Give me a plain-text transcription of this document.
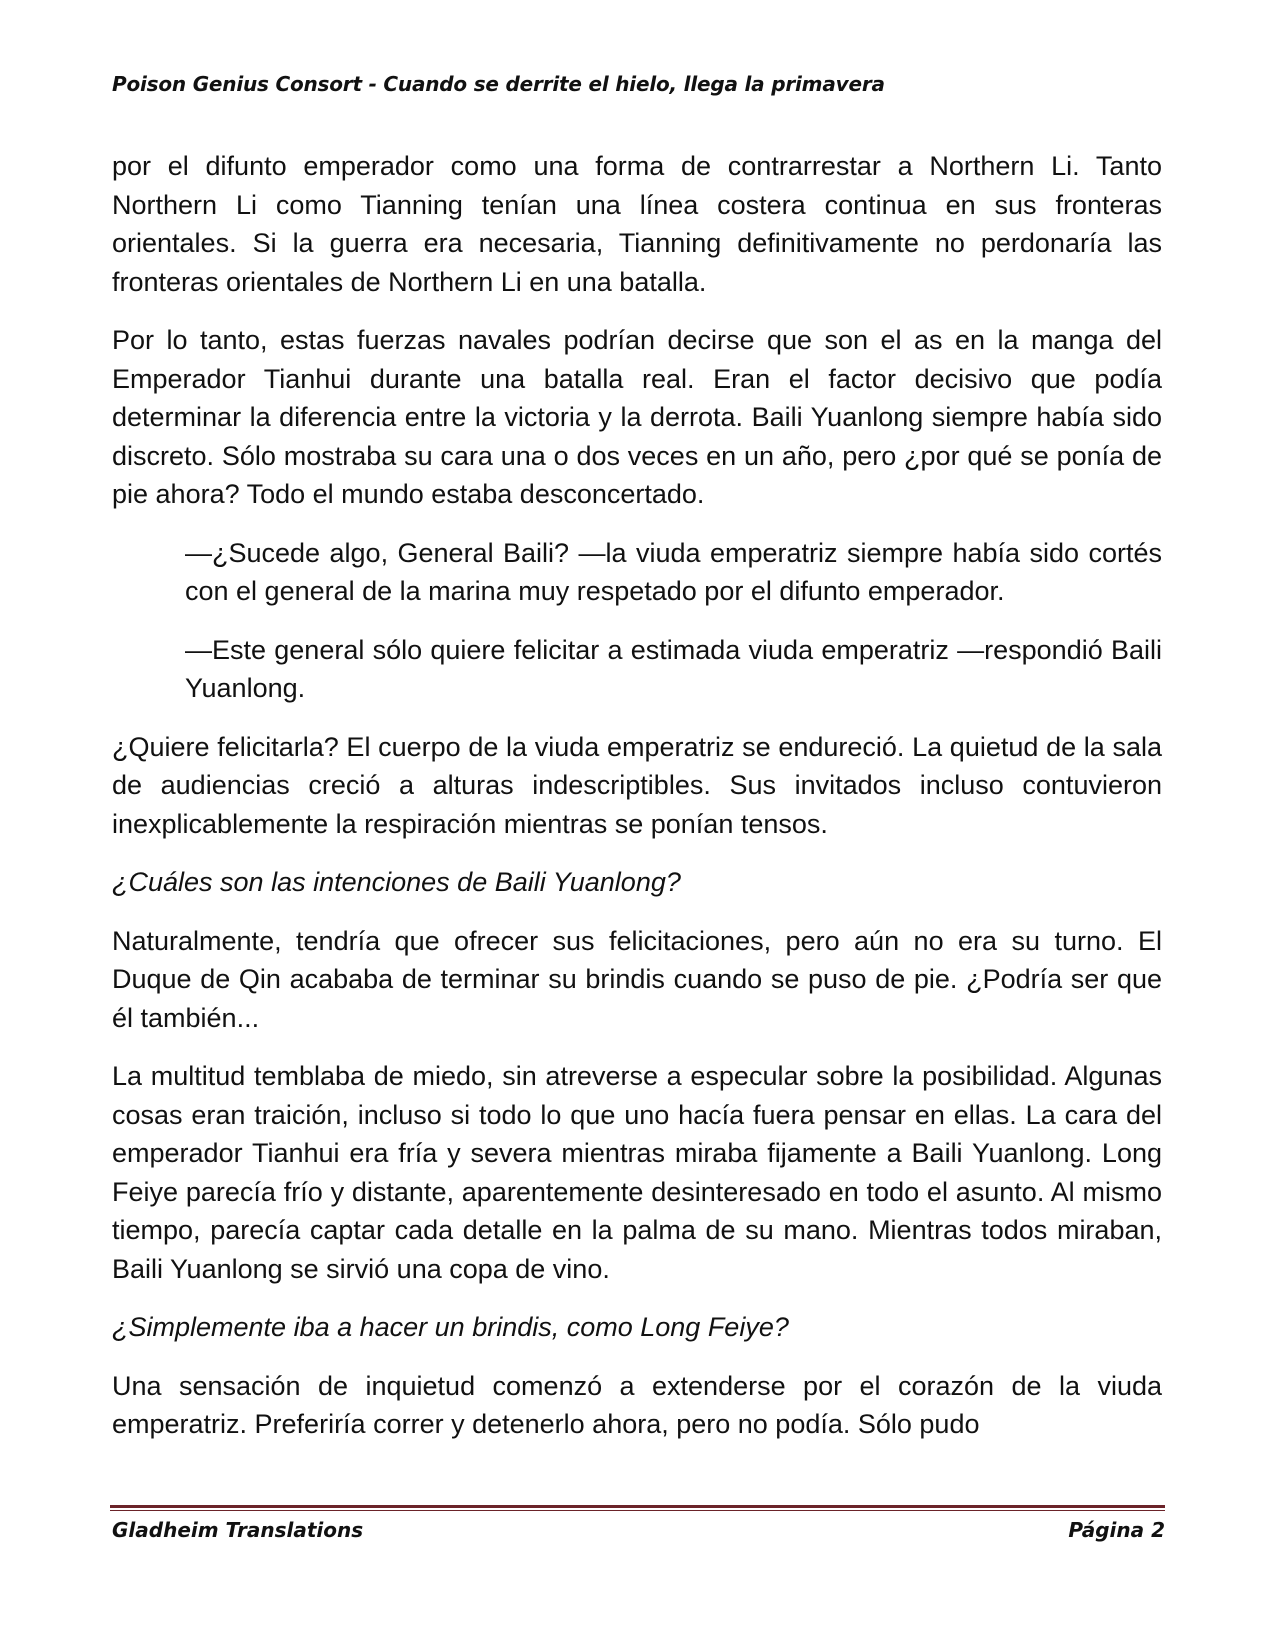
Poison Genius Consort - Cuando se derrite el hielo, llega la primavera

por el difunto emperador como una forma de contrarrestar a Northern Li. Tanto Northern Li como Tianning tenían una línea costera continua en sus fronteras orientales. Si la guerra era necesaria, Tianning definitivamente no perdonaría las fronteras orientales de Northern Li en una batalla.

Por lo tanto, estas fuerzas navales podrían decirse que son el as en la manga del Emperador Tianhui durante una batalla real. Eran el factor decisivo que podía determinar la diferencia entre la victoria y la derrota. Baili Yuanlong siempre había sido discreto. Sólo mostraba su cara una o dos veces en un año, pero ¿por qué se ponía de pie ahora? Todo el mundo estaba desconcertado.

—¿Sucede algo, General Baili? —la viuda emperatriz siempre había sido cortés con el general de la marina muy respetado por el difunto emperador.

—Este general sólo quiere felicitar a estimada viuda emperatriz —respondió Baili Yuanlong.

¿Quiere felicitarla? El cuerpo de la viuda emperatriz se endureció. La quietud de la sala de audiencias creció a alturas indescriptibles. Sus invitados incluso contuvieron inexplicablemente la respiración mientras se ponían tensos.

¿Cuáles son las intenciones de Baili Yuanlong?

Naturalmente, tendría que ofrecer sus felicitaciones, pero aún no era su turno. El Duque de Qin acababa de terminar su brindis cuando se puso de pie. ¿Podría ser que él también...

La multitud temblaba de miedo, sin atreverse a especular sobre la posibilidad. Algunas cosas eran traición, incluso si todo lo que uno hacía fuera pensar en ellas. La cara del emperador Tianhui era fría y severa mientras miraba fijamente a Baili Yuanlong. Long Feiye parecía frío y distante, aparentemente desinteresado en todo el asunto. Al mismo tiempo, parecía captar cada detalle en la palma de su mano. Mientras todos miraban, Baili Yuanlong se sirvió una copa de vino.

¿Simplemente iba a hacer un brindis, como Long Feiye?

Una sensación de inquietud comenzó a extenderse por el corazón de la viuda emperatriz. Preferiría correr y detenerlo ahora, pero no podía. Sólo pudo

Gladheim Translations	Página 2
